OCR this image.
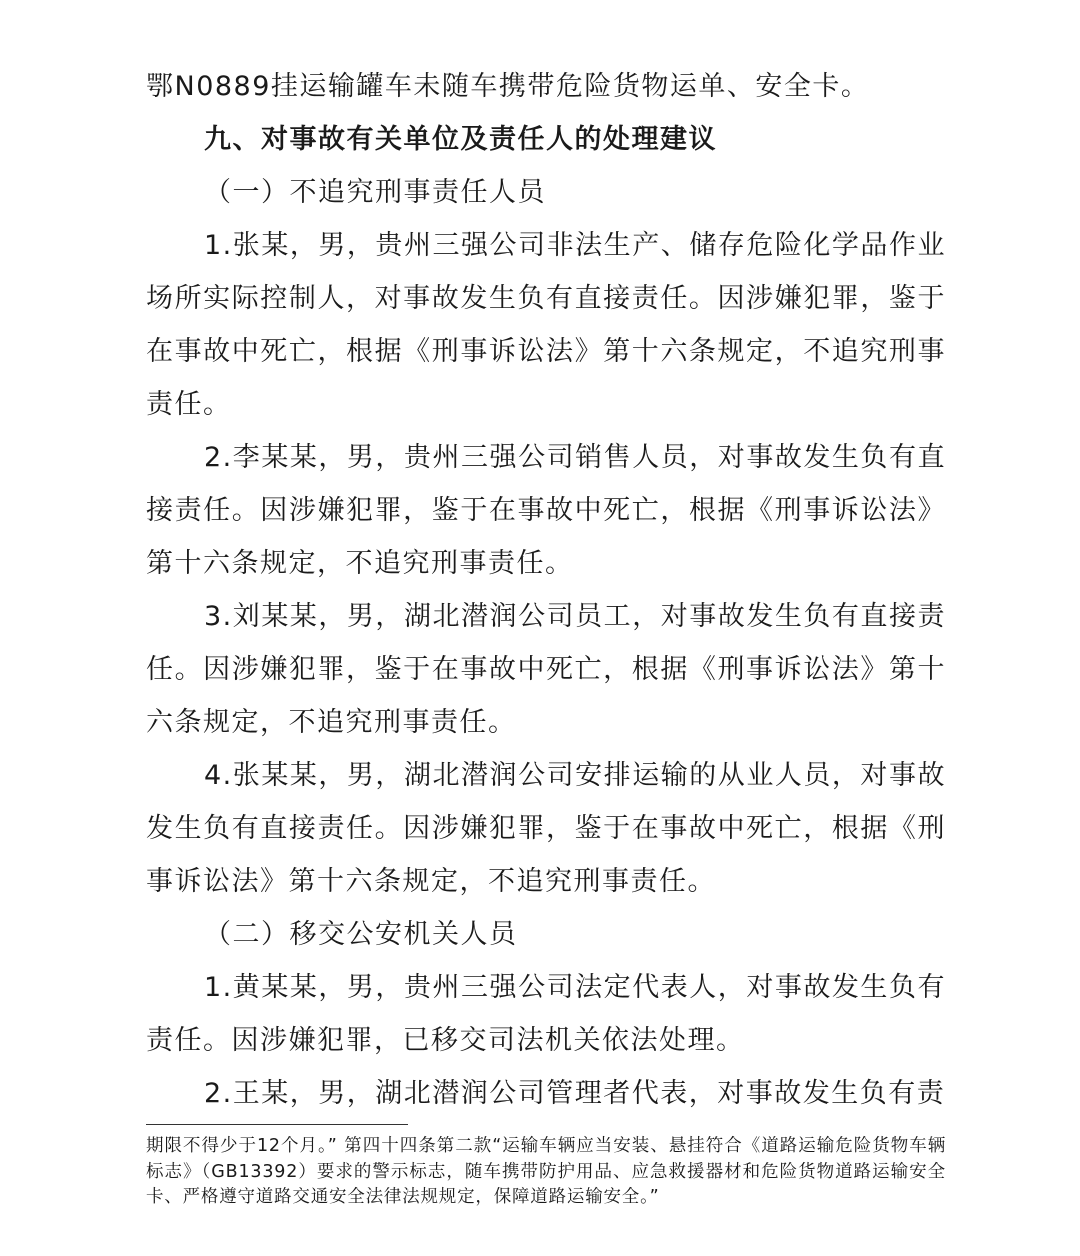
鄂N0889挂运输罐车未随车携带危险货物运单、安全卡。

九、对事故有关单位及责任人的处理建议

（一）不追究刑事责任人员

1.张某，男，贵州三强公司非法生产、储存危险化学品作业场所实际控制人，对事故发生负有直接责任。因涉嫌犯罪，鉴于在事故中死亡，根据《刑事诉讼法》第十六条规定，不追究刑事责任。

2.李某某，男，贵州三强公司销售人员，对事故发生负有直接责任。因涉嫌犯罪，鉴于在事故中死亡，根据《刑事诉讼法》第十六条规定，不追究刑事责任。

3.刘某某，男，湖北潜润公司员工，对事故发生负有直接责任。因涉嫌犯罪，鉴于在事故中死亡，根据《刑事诉讼法》第十六条规定，不追究刑事责任。

4.张某某，男，湖北潜润公司安排运输的从业人员，对事故发生负有直接责任。因涉嫌犯罪，鉴于在事故中死亡，根据《刑事诉讼法》第十六条规定，不追究刑事责任。

（二）移交公安机关人员

1.黄某某，男，贵州三强公司法定代表人，对事故发生负有责任。因涉嫌犯罪，已移交司法机关依法处理。

2.王某，男，湖北潜润公司管理者代表，对事故发生负有责

期限不得少于12个月。” 第四十四条第二款“运输车辆应当安装、悬挂符合《道路运输危险货物车辆标志》（GB13392）要求的警示标志，随车携带防护用品、应急救援器材和危险货物道路运输安全卡、严格遵守道路交通安全法律法规规定，保障道路运输安全。”
